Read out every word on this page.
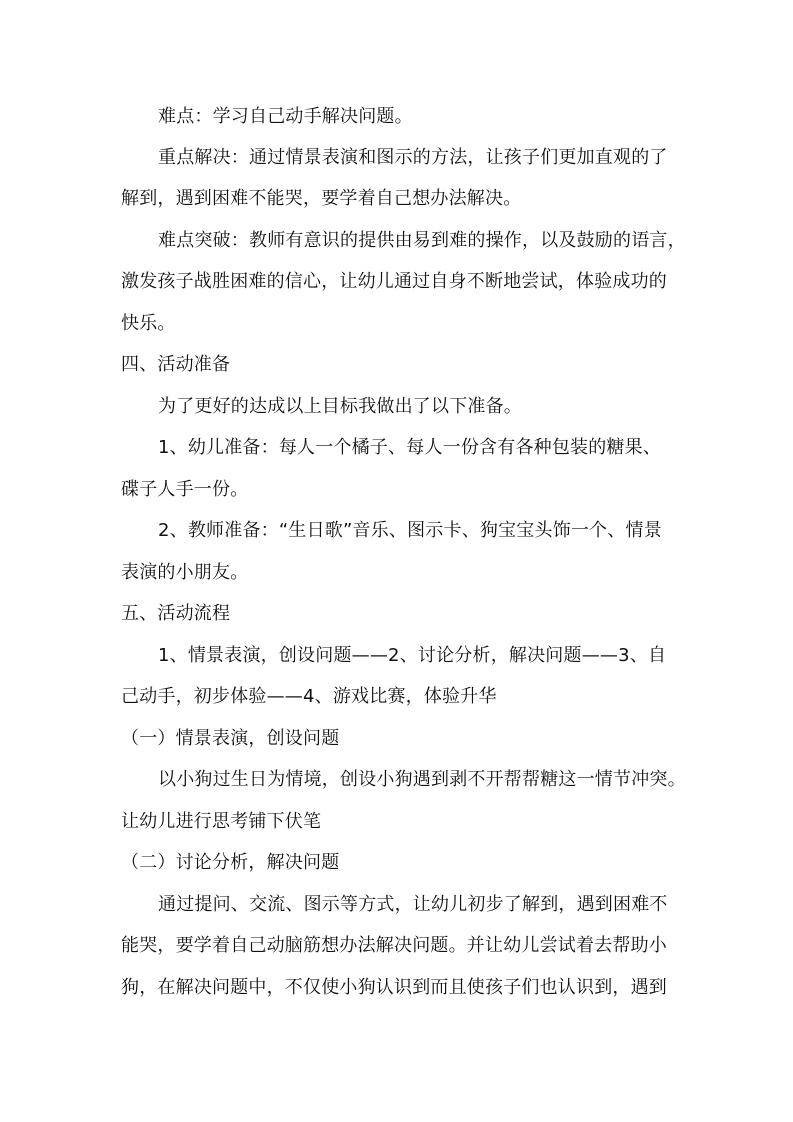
难点：学习自己动手解决问题。
重点解决：通过情景表演和图示的方法，让孩子们更加直观的了
解到，遇到困难不能哭，要学着自己想办法解决。
难点突破：教师有意识的提供由易到难的操作，以及鼓励的语言，
激发孩子战胜困难的信心，让幼儿通过自身不断地尝试，体验成功的
快乐。
四、活动准备
为了更好的达成以上目标我做出了以下准备。
1、幼儿准备：每人一个橘子、每人一份含有各种包装的糖果、
碟子人手一份。
2、教师准备：“生日歌”音乐、图示卡、狗宝宝头饰一个、情景
表演的小朋友。
五、活动流程
1、情景表演，创设问题——2、讨论分析，解决问题——3、自
己动手，初步体验——4、游戏比赛，体验升华
（一）情景表演，创设问题
以小狗过生日为情境，创设小狗遇到剥不开帮帮糖这一情节冲突。
让幼儿进行思考铺下伏笔
（二）讨论分析，解决问题
通过提问、交流、图示等方式，让幼儿初步了解到，遇到困难不
能哭，要学着自己动脑筋想办法解决问题。并让幼儿尝试着去帮助小
狗，在解决问题中，不仅使小狗认识到而且使孩子们也认识到，遇到
